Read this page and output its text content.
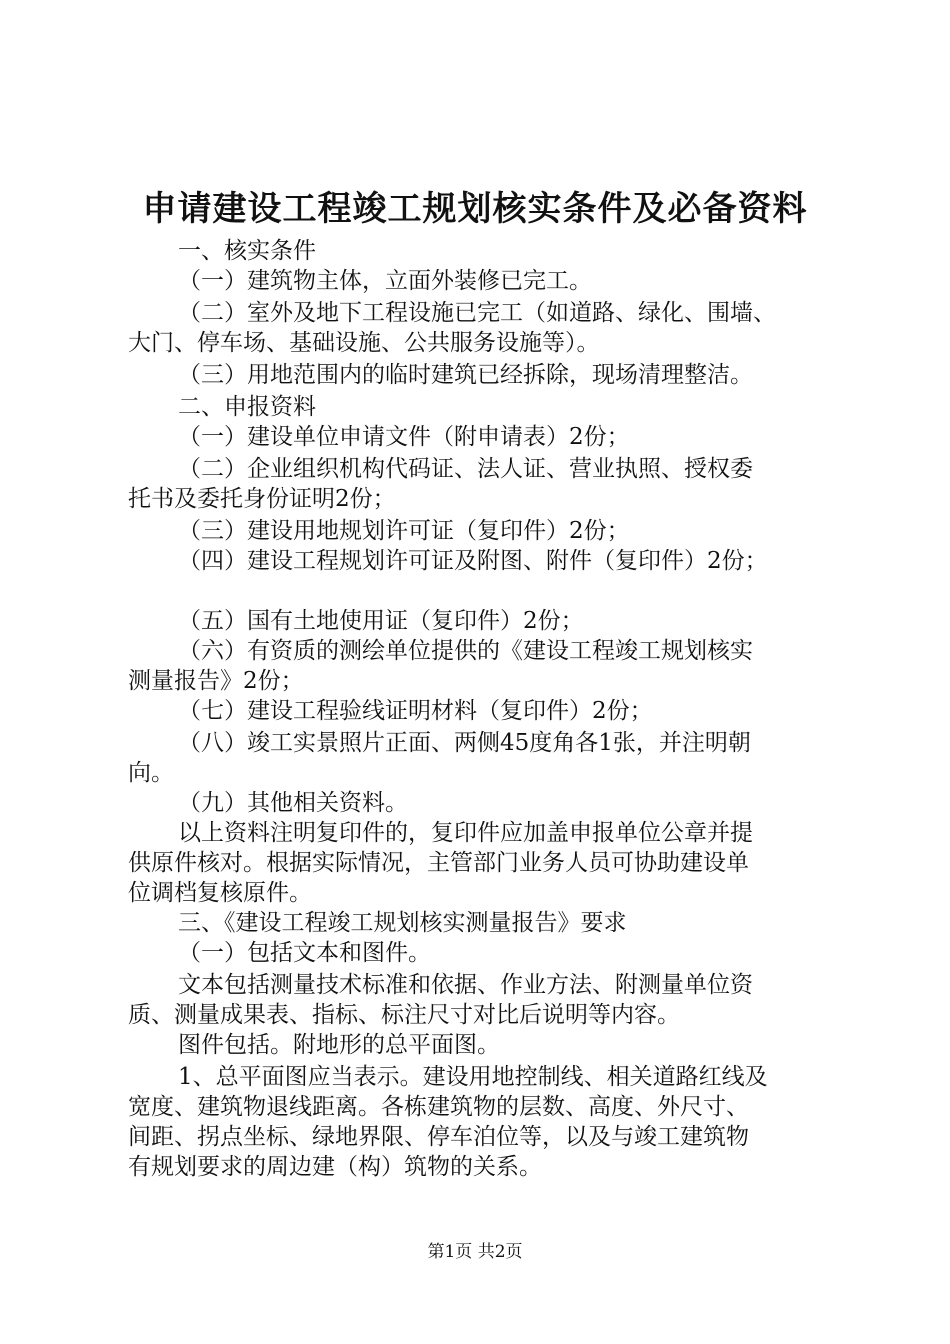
申请建设工程竣工规划核实条件及必备资料
一、核实条件
（一）建筑物主体，立面外装修已完工。
（二）室外及地下工程设施已完工（如道路、绿化、围墙、
大门、停车场、基础设施、公共服务设施等）。
（三）用地范围内的临时建筑已经拆除，现场清理整洁。
二、申报资料
（一）建设单位申请文件（附申请表）2份；
（二）企业组织机构代码证、法人证、营业执照、授权委
托书及委托身份证明2份；
（三）建设用地规划许可证（复印件）2份；
（四）建设工程规划许可证及附图、附件（复印件）2份；
（五）国有土地使用证（复印件）2份；
（六）有资质的测绘单位提供的《建设工程竣工规划核实
测量报告》2份；
（七）建设工程验线证明材料（复印件）2份；
（八）竣工实景照片正面、两侧45度角各1张，并注明朝
向。
（九）其他相关资料。
以上资料注明复印件的，复印件应加盖申报单位公章并提
供原件核对。根据实际情况，主管部门业务人员可协助建设单
位调档复核原件。
三、《建设工程竣工规划核实测量报告》要求
（一）包括文本和图件。
文本包括测量技术标准和依据、作业方法、附测量单位资
质、测量成果表、指标、标注尺寸对比后说明等内容。
图件包括。附地形的总平面图。
1、总平面图应当表示。建设用地控制线、相关道路红线及
宽度、建筑物退线距离。各栋建筑物的层数、高度、外尺寸、
间距、拐点坐标、绿地界限、停车泊位等，以及与竣工建筑物
有规划要求的周边建（构）筑物的关系。
第1页 共2页
